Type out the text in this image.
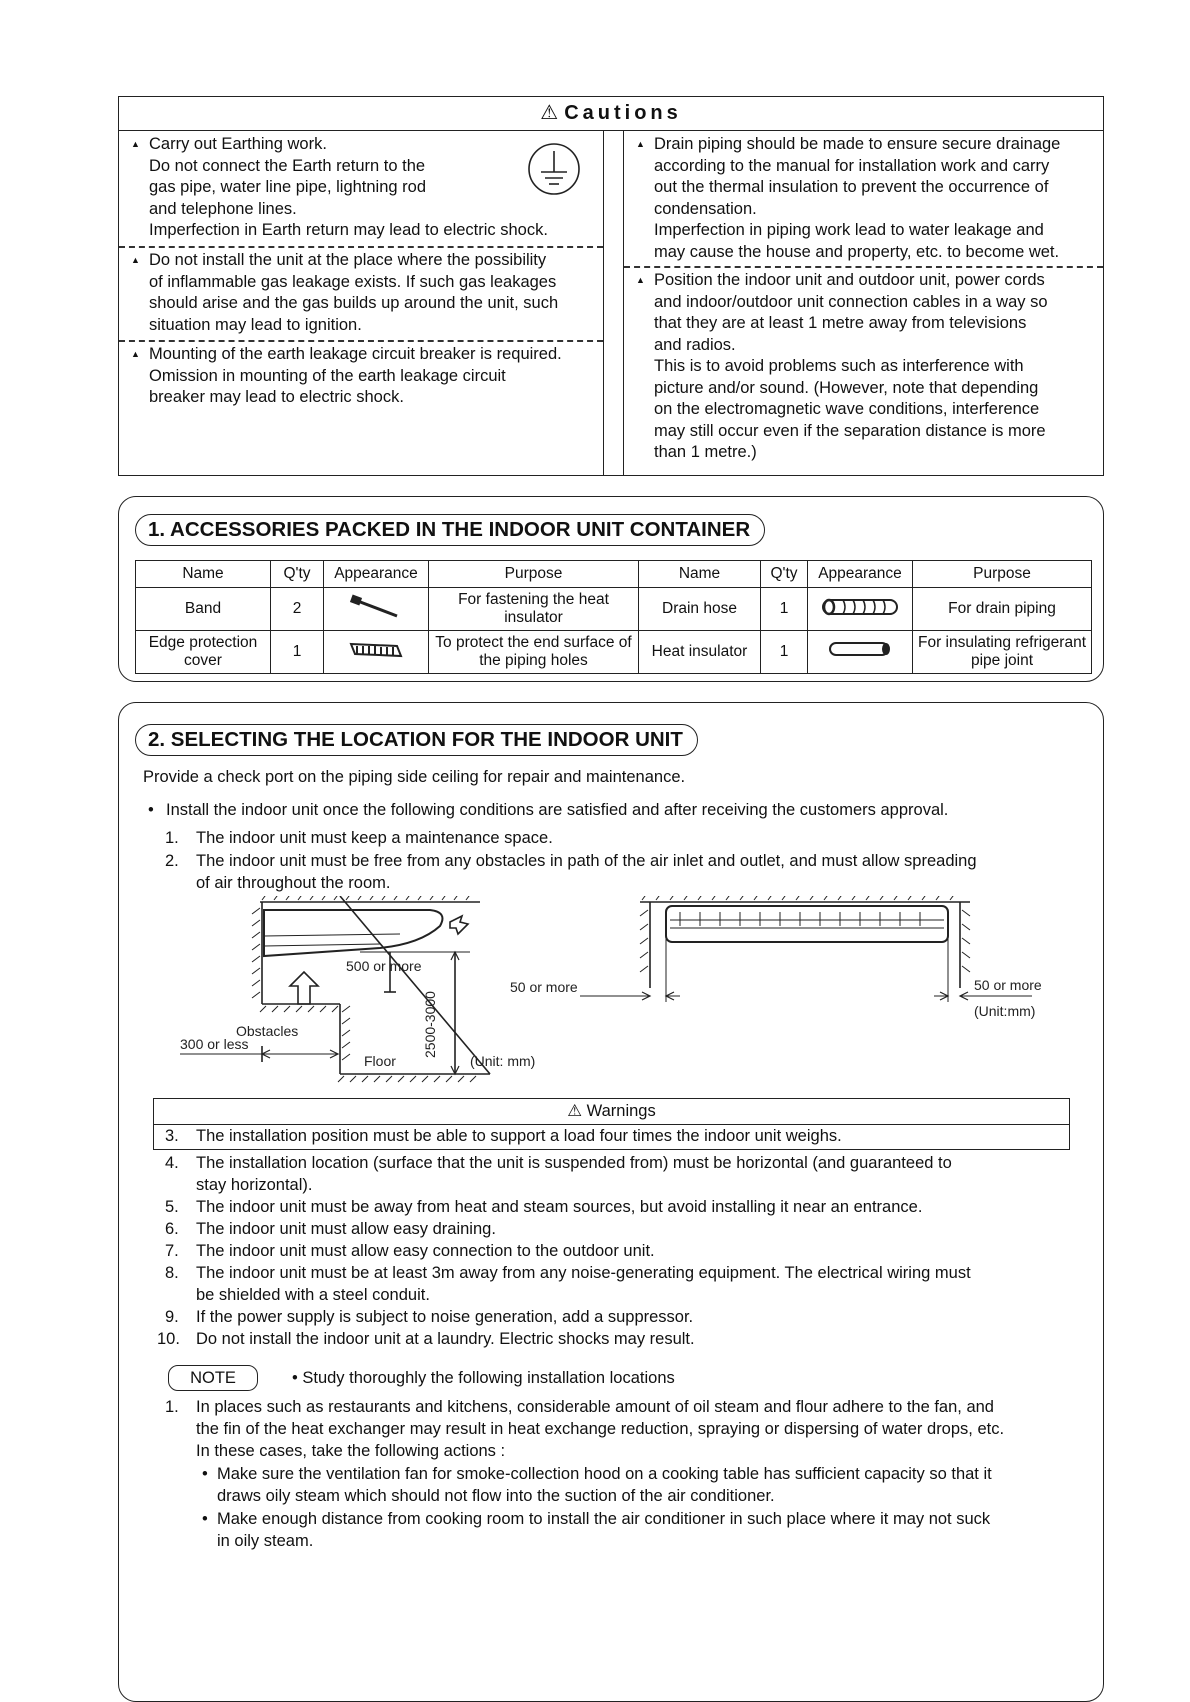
⚠ Cautions
▲ Carry out Earthing work.
Do not connect the Earth return to the
gas pipe, water line pipe, lightning rod
and telephone lines.
Imperfection in Earth return may lead to electric shock.
▲ Do not install the unit at the place where the possibility
of inflammable gas leakage exists. If such gas leakages
should arise and the gas builds up around the unit, such
situation may lead to ignition.
▲ Mounting of the earth leakage circuit breaker is required.
Omission in mounting of the earth leakage circuit
breaker may lead to electric shock.
▲ Drain piping should be made to ensure secure drainage
according to the manual for installation work and carry
out the thermal insulation to prevent the occurrence of
condensation.
Imperfection in piping work lead to water leakage and
may cause the house and property, etc. to become wet.
▲ Position the indoor unit and outdoor unit, power cords
and indoor/outdoor unit connection cables in a way so
that they are at least 1 metre away from televisions
and radios.
This is to avoid problems such as interference with
picture and/or sound. (However, note that depending
on the electromagnetic wave conditions, interference
may still occur even if the separation distance is more
than 1 metre.)
1. ACCESSORIES PACKED IN THE INDOOR UNIT CONTAINER
Name	Q'ty	Appearance	Purpose	Name	Q'ty	Appearance	Purpose
Band	2		For fastening the heat insulator	Drain hose	1		For drain piping
Edge protection cover	1		To protect the end surface of the piping holes	Heat insulator	1		For insulating refrigerant pipe joint
2. SELECTING THE LOCATION FOR THE INDOOR UNIT
Provide a check port on the piping side ceiling for repair and maintenance.
• Install the indoor unit once the following conditions are satisfied and after receiving the customers approval.
1. The indoor unit must keep a maintenance space.
2. The indoor unit must be free from any obstacles in path of the air inlet and outlet, and must allow spreading
of air throughout the room.
500 or more
2500-3000
Obstacles
300 or less
Floor	(Unit: mm)
50 or more	50 or more
(Unit:mm)
⚠ Warnings
3. The installation position must be able to support a load four times the indoor unit weighs.
4. The installation location (surface that the unit is suspended from) must be horizontal (and guaranteed to
stay horizontal).
5. The indoor unit must be away from heat and steam sources, but avoid installing it near an entrance.
6. The indoor unit must allow easy draining.
7. The indoor unit must allow easy connection to the outdoor unit.
8. The indoor unit must be at least 3m away from any noise-generating equipment. The electrical wiring must
be shielded with a steel conduit.
9. If the power supply is subject to noise generation, add a suppressor.
10. Do not install the indoor unit at a laundry. Electric shocks may result.
NOTE	• Study thoroughly the following installation locations
1. In places such as restaurants and kitchens, considerable amount of oil steam and flour adhere to the fan, and
the fin of the heat exchanger may result in heat exchange reduction, spraying or dispersing of water drops, etc.
In these cases, take the following actions :
• Make sure the ventilation fan for smoke-collection hood on a cooking table has sufficient capacity so that it
draws oily steam which should not flow into the suction of the air conditioner.
• Make enough distance from cooking room to install the air conditioner in such place where it may not suck
in oily steam.
